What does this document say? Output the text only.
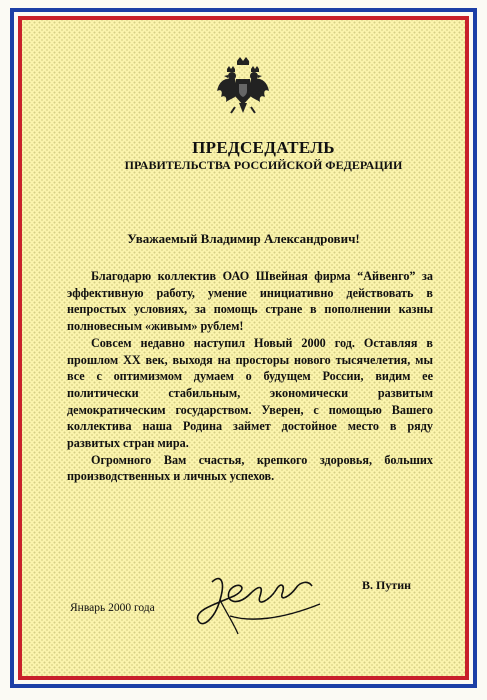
ПРЕДСЕДАТЕЛЬ
ПРАВИТЕЛЬСТВА РОССИЙСКОЙ ФЕДЕРАЦИИ
Уважаемый Владимир Александрович!

Благодарю коллектив ОАО Швейная фирма “Айвенго” за эффективную работу, умение инициативно действовать в непростых условиях, за помощь стране в пополнении казны полновесным «живым» рублем!

Совсем недавно наступил Новый 2000 год. Оставляя в прошлом XX век, выходя на просторы нового тысячелетия, мы все с оптимизмом думаем о будущем России, видим ее политически стабильным, экономически развитым демократическим государством. Уверен, с помощью Вашего коллектива наша Родина займет достойное место в ряду развитых стран мира.

Огромного Вам счастья, крепкого здоровья, больших производственных и личных успехов.

В. Путин
Январь 2000 года
